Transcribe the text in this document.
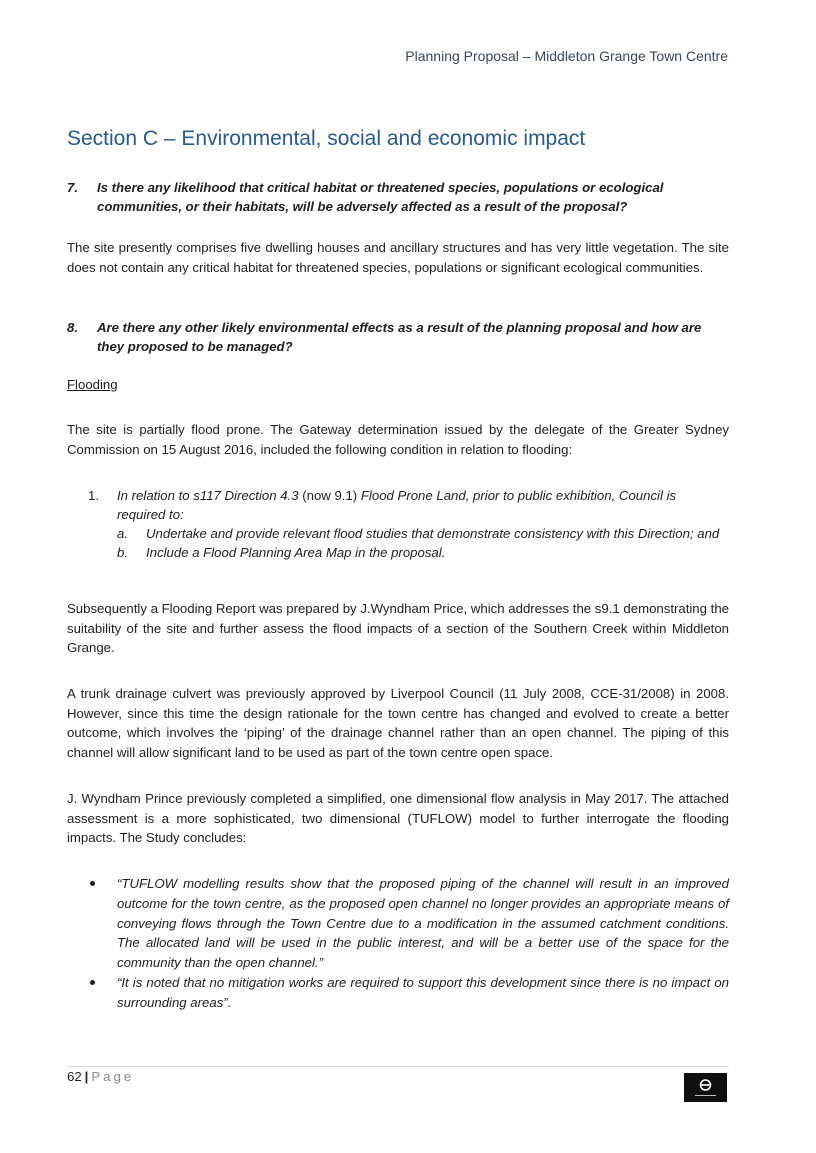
Planning Proposal – Middleton Grange Town Centre
Section C – Environmental, social and economic impact
7. Is there any likelihood that critical habitat or threatened species, populations or ecological communities, or their habitats, will be adversely affected as a result of the proposal?
The site presently comprises five dwelling houses and ancillary structures and has very little vegetation. The site does not contain any critical habitat for threatened species, populations or significant ecological communities.
8. Are there any other likely environmental effects as a result of the planning proposal and how are they proposed to be managed?
Flooding
The site is partially flood prone. The Gateway determination issued by the delegate of the Greater Sydney Commission on 15 August 2016, included the following condition in relation to flooding:
1. In relation to s117 Direction 4.3 (now 9.1) Flood Prone Land, prior to public exhibition, Council is required to:
a. Undertake and provide relevant flood studies that demonstrate consistency with this Direction; and
b. Include a Flood Planning Area Map in the proposal.
Subsequently a Flooding Report was prepared by J.Wyndham Price, which addresses the s9.1 demonstrating the suitability of the site and further assess the flood impacts of a section of the Southern Creek within Middleton Grange.
A trunk drainage culvert was previously approved by Liverpool Council (11 July 2008, CCE-31/2008) in 2008. However, since this time the design rationale for the town centre has changed and evolved to create a better outcome, which involves the ‘piping’ of the drainage channel rather than an open channel. The piping of this channel will allow significant land to be used as part of the town centre open space.
J. Wyndham Prince previously completed a simplified, one dimensional flow analysis in May 2017. The attached assessment is a more sophisticated, two dimensional (TUFLOW) model to further interrogate the flooding impacts. The Study concludes:
“TUFLOW modelling results show that the proposed piping of the channel will result in an improved outcome for the town centre, as the proposed open channel no longer provides an appropriate means of conveying flows through the Town Centre due to a modification in the assumed catchment conditions. The allocated land will be used in the public interest, and will be a better use of the space for the community than the open channel.”
“It is noted that no mitigation works are required to support this development since there is no impact on surrounding areas”.
62 | Page
